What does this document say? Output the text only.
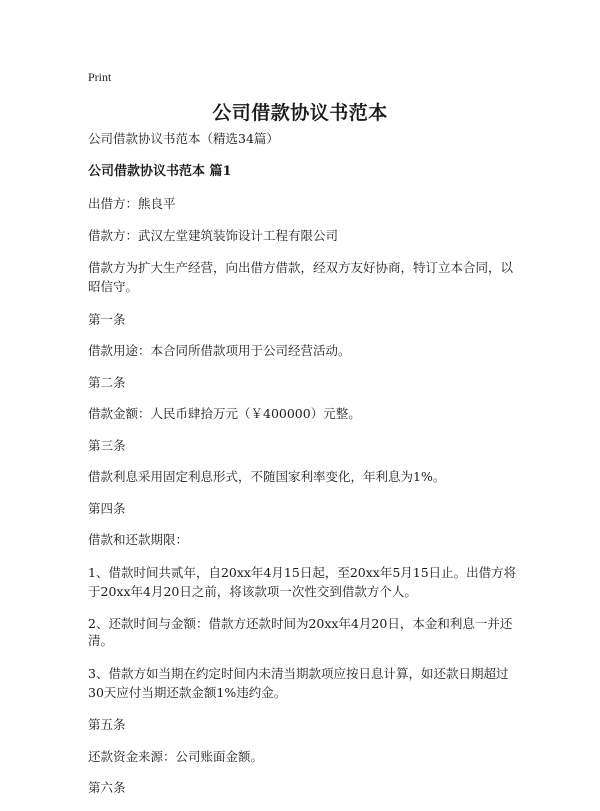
Print
公司借款协议书范本
公司借款协议书范本（精选34篇）
公司借款协议书范本 篇1
出借方：熊良平
借款方：武汉左堂建筑装饰设计工程有限公司
借款方为扩大生产经营，向出借方借款，经双方友好协商，特订立本合同，以昭信守。
第一条
借款用途：本合同所借款项用于公司经营活动。
第二条
借款金额：人民币肆拾万元（￥400000）元整。
第三条
借款利息采用固定利息形式，不随国家利率变化，年利息为1%。
第四条
借款和还款期限：
1、借款时间共贰年，自20xx年4月15日起，至20xx年5月15日止。出借方将于20xx年4月20日之前，将该款项一次性交到借款方个人。
2、还款时间与金额：借款方还款时间为20xx年4月20日，本金和利息一并还清。
3、借款方如当期在约定时间内未清当期款项应按日息计算，如还款日期超过30天应付当期还款金额1%违约金。
第五条
还款资金来源：公司账面金额。
第六条
